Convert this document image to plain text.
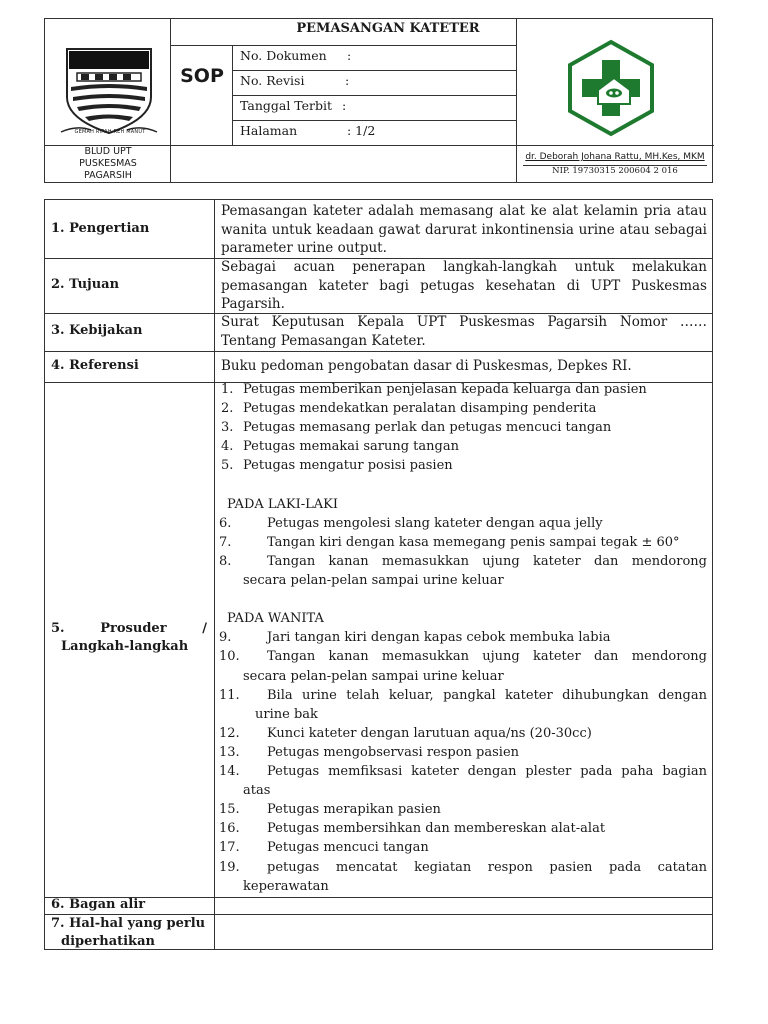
PEMASANGAN KATETER
SOP
No. Dokumen :
No. Revisi	:
Tanggal Terbit :
Halaman	: 1/2
GEMAH RIPAH REH MANUT
BLUD UPT
PUSKESMAS
PAGARSIH
dr. Deborah Johana Rattu, MH.Kes, MKM
NIP. 19730315 200604 2 016
1. Pengertian
Pemasangan kateter adalah memasang alat ke alat kelamin pria atau
wanita untuk keadaan gawat darurat inkontinensia urine atau sebagai
parameter urine output.
2. Tujuan
Sebagai acuan penerapan langkah-langkah untuk melakukan
pemasangan kateter bagi petugas kesehatan di UPT Puskesmas
Pagarsih.
3. Kebijakan
Surat Keputusan Kepala UPT Puskesmas Pagarsih Nomor ……
Tentang Pemasangan Kateter.
4. Referensi	Buku pedoman pengobatan dasar di Puskesmas, Depkes RI.
5.	Prosuder	/
Langkah-langkah
1. Petugas memberikan penjelasan kepada keluarga dan pasien
2. Petugas mendekatkan peralatan disamping penderita
3. Petugas memasang perlak dan petugas mencuci tangan
4. Petugas memakai sarung tangan
5. Petugas mengatur posisi pasien
PADA LAKI-LAKI
6.	Petugas mengolesi slang kateter dengan aqua jelly
7.	Tangan kiri dengan kasa memegang penis sampai tegak ± 60°
8.	Tangan kanan memasukkan ujung kateter dan mendorong
secara pelan-pelan sampai urine keluar
PADA WANITA
9.	Jari tangan kiri dengan kapas cebok membuka labia
10. Tangan kanan memasukkan ujung kateter dan mendorong
secara pelan-pelan sampai urine keluar
11. Bila urine telah keluar, pangkal kateter dihubungkan dengan
urine bak
12. Kunci kateter dengan larutuan aqua/ns (20-30cc)
13. Petugas mengobservasi respon pasien
14. Petugas memfiksasi kateter dengan plester pada paha bagian
atas
15. Petugas merapikan pasien
16. Petugas membersihkan dan membereskan alat-alat
17. Petugas mencuci tangan
19. petugas mencatat kegiatan respon pasien pada catatan
keperawatan
6. Bagan alir
7. Hal-hal yang perlu
diperhatikan
